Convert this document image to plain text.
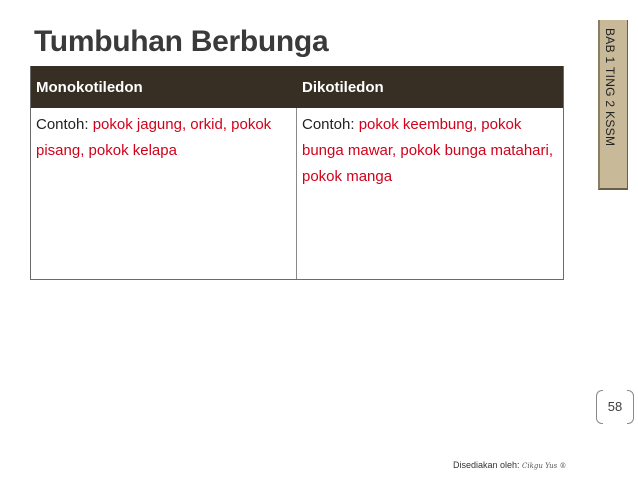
Tumbuhan Berbunga
Monokotiledon	Dikotiledon
Contoh: pokok jagung, orkid, pokok pisang, pokok kelapa
Contoh: pokok keembung, pokok bunga mawar, pokok bunga matahari, pokok manga
BAB 1 TING 2 KSSM
58
Disediakan oleh: Cikgu Yus ®
